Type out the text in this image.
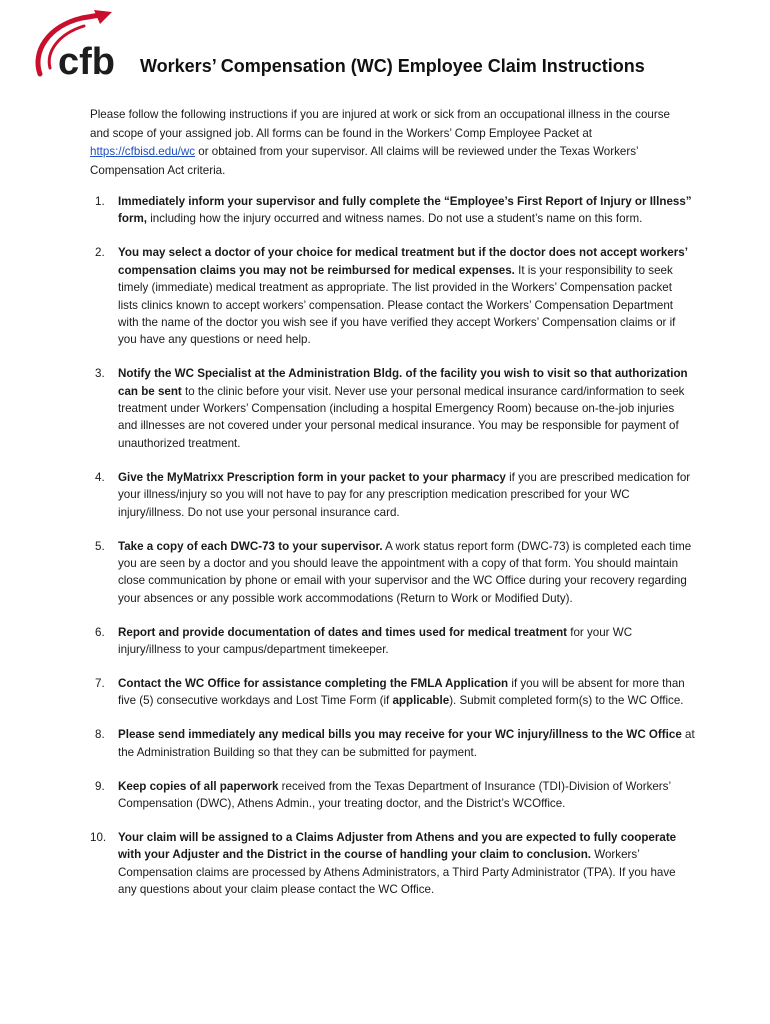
cfb Workers’ Compensation (WC) Employee Claim Instructions

Please follow the following instructions if you are injured at work or sick from an occupational illness in the course and scope of your assigned job. All forms can be found in the Workers’ Comp Employee Packet at https://cfbisd.edu/wc or obtained from your supervisor. All claims will be reviewed under the Texas Workers’ Compensation Act criteria.

1. Immediately inform your supervisor and fully complete the “Employee’s First Report of Injury or Illness” form, including how the injury occurred and witness names. Do not use a student’s name on this form.
2. You may select a doctor of your choice for medical treatment but if the doctor does not accept workers’ compensation claims you may not be reimbursed for medical expenses. It is your responsibility to seek timely (immediate) medical treatment as appropriate. The list provided in the Workers’ Compensation packet lists clinics known to accept workers’ compensation. Please contact the Workers’ Compensation Department with the name of the doctor you wish see if you have verified they accept Workers’ Compensation claims or if you have any questions or need help.
3. Notify the WC Specialist at the Administration Bldg. of the facility you wish to visit so that authorization can be sent to the clinic before your visit. Never use your personal medical insurance card/information to seek treatment under Workers’ Compensation (including a hospital Emergency Room) because on-the-job injuries and illnesses are not covered under your personal medical insurance. You may be responsible for payment of unauthorized treatment.
4. Give the MyMatrixx Prescription form in your packet to your pharmacy if you are prescribed medication for your illness/injury so you will not have to pay for any prescription medication prescribed for your WC injury/illness. Do not use your personal insurance card.
5. Take a copy of each DWC-73 to your supervisor. A work status report form (DWC-73) is completed each time you are seen by a doctor and you should leave the appointment with a copy of that form. You should maintain close communication by phone or email with your supervisor and the WC Office during your recovery regarding your absences or any possible work accommodations (Return to Work or Modified Duty).
6. Report and provide documentation of dates and times used for medical treatment for your WC injury/illness to your campus/department timekeeper.
7. Contact the WC Office for assistance completing the FMLA Application if you will be absent for more than five (5) consecutive workdays and Lost Time Form (if applicable). Submit completed form(s) to the WC Office.
8. Please send immediately any medical bills you may receive for your WC injury/illness to the WC Office at the Administration Building so that they can be submitted for payment.
9. Keep copies of all paperwork received from the Texas Department of Insurance (TDI)-Division of Workers’ Compensation (DWC), Athens Admin., your treating doctor, and the District’s WCOffice.
10. Your claim will be assigned to a Claims Adjuster from Athens and you are expected to fully cooperate with your Adjuster and the District in the course of handling your claim to conclusion. Workers’ Compensation claims are processed by Athens Administrators, a Third Party Administrator (TPA). If you have any questions about your claim please contact the WC Office.
